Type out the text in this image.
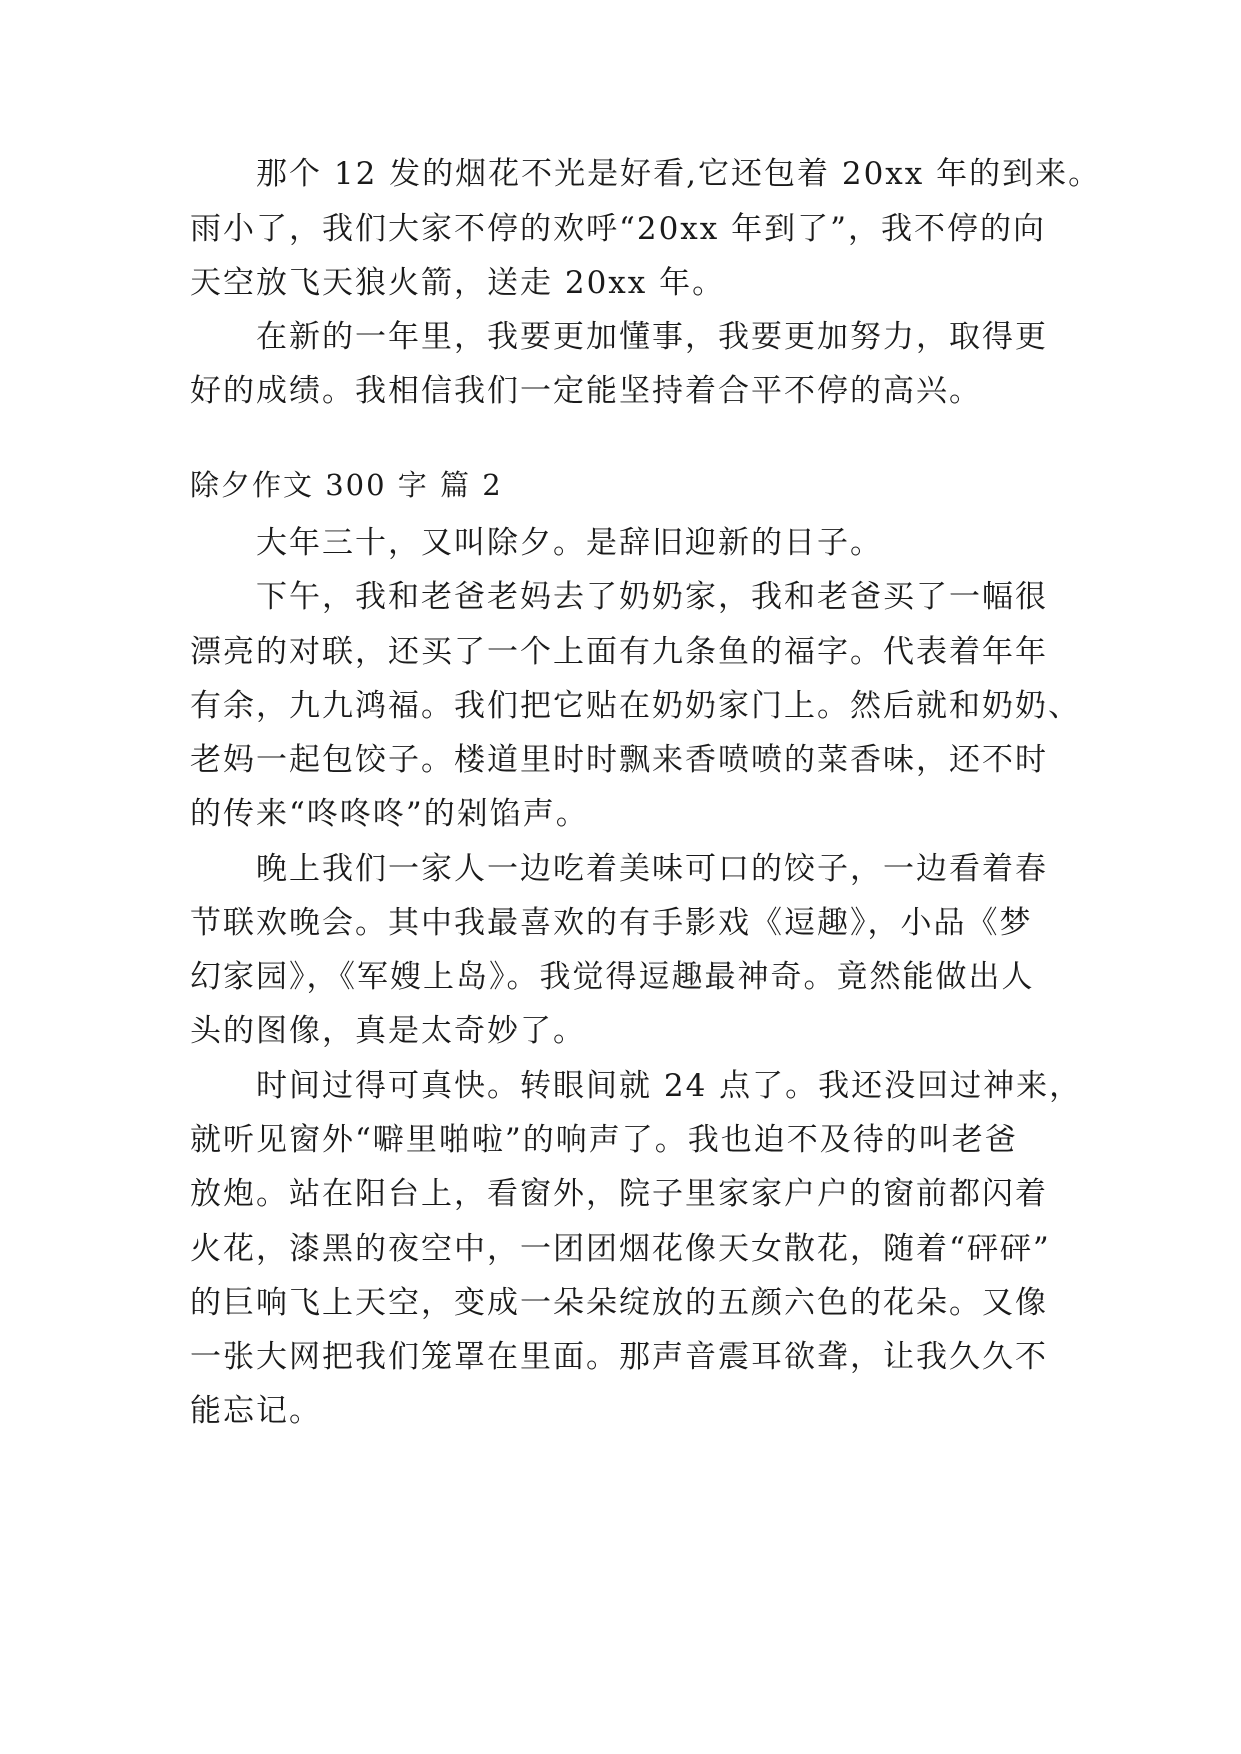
那个 12 发的烟花不光是好看,它还包着 20xx 年的到来。
雨小了，我们大家不停的欢呼“20xx 年到了”，我不停的向
天空放飞天狼火箭，送走 20xx 年。
在新的一年里，我要更加懂事，我要更加努力，取得更
好的成绩。我相信我们一定能坚持着合平不停的高兴。
除夕作文 300 字 篇 2
大年三十，又叫除夕。是辞旧迎新的日子。
下午，我和老爸老妈去了奶奶家，我和老爸买了一幅很
漂亮的对联，还买了一个上面有九条鱼的福字。代表着年年
有余，九九鸿福。我们把它贴在奶奶家门上。然后就和奶奶、
老妈一起包饺子。楼道里时时飘来香喷喷的菜香味，还不时
的传来“咚咚咚”的剁馅声。
晚上我们一家人一边吃着美味可口的饺子，一边看着春
节联欢晚会。其中我最喜欢的有手影戏《逗趣》，小品《梦
幻家园》，《军嫂上岛》。我觉得逗趣最神奇。竟然能做出人
头的图像，真是太奇妙了。
时间过得可真快。转眼间就 24 点了。我还没回过神来，
就听见窗外“噼里啪啦”的响声了。我也迫不及待的叫老爸
放炮。站在阳台上，看窗外，院子里家家户户的窗前都闪着
火花，漆黑的夜空中，一团团烟花像天女散花，随着“砰砰”
的巨响飞上天空，变成一朵朵绽放的五颜六色的花朵。又像
一张大网把我们笼罩在里面。那声音震耳欲聋，让我久久不
能忘记。
